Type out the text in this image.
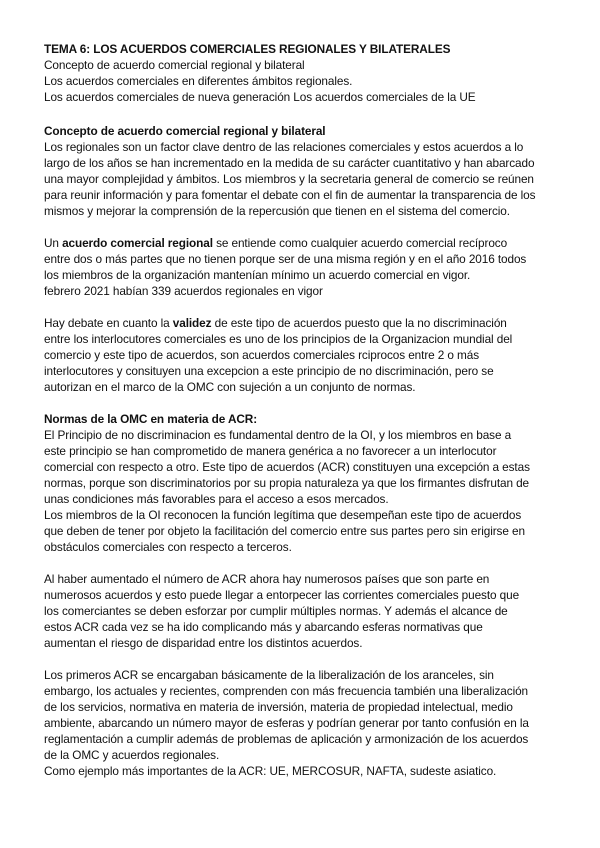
TEMA 6: LOS ACUERDOS COMERCIALES REGIONALES Y BILATERALES
Concepto de acuerdo comercial regional y bilateral
Los acuerdos comerciales en diferentes ámbitos regionales.
Los acuerdos comerciales de nueva generación Los acuerdos comerciales de la UE
Concepto de acuerdo comercial regional y bilateral
Los regionales son un factor clave dentro de las relaciones comerciales y estos acuerdos a lo
largo de los años se han incrementado en la medida de su carácter cuantitativo y han abarcado
una mayor complejidad y ámbitos. Los miembros y la secretaria general de comercio se reúnen
para reunir información y para fomentar el debate con el fin de aumentar la transparencia de los
mismos y mejorar la comprensión de la repercusión que tienen en el sistema del comercio.
Un acuerdo comercial regional se entiende como cualquier acuerdo comercial recíproco
entre dos o más partes que no tienen porque ser de una misma región y en el año 2016 todos
los miembros de la organización mantenían mínimo un acuerdo comercial en vigor.
febrero 2021 habían 339 acuerdos regionales en vigor
Hay debate en cuanto la validez de este tipo de acuerdos puesto que la no discriminación
entre los interlocutores comerciales es uno de los principios de la Organizacion mundial del
comercio y este tipo de acuerdos, son acuerdos comerciales rciprocos entre 2 o más
interlocutores y consituyen una excepcion a este principio de no discriminación, pero se
autorizan en el marco de la OMC con sujeción a un conjunto de normas.
Normas de la OMC en materia de ACR:
El Principio de no discriminacion es fundamental dentro de la OI, y los miembros en base a
este principio se han comprometido de manera genérica a no favorecer a un interlocutor
comercial con respecto a otro. Este tipo de acuerdos (ACR) constituyen una excepción a estas
normas, porque son discriminatorios por su propia naturaleza ya que los firmantes disfrutan de
unas condiciones más favorables para el acceso a esos mercados.
Los miembros de la OI reconocen la función legítima que desempeñan este tipo de acuerdos
que deben de tener por objeto la facilitación del comercio entre sus partes pero sin erigirse en
obstáculos comerciales con respecto a terceros.
Al haber aumentado el número de ACR ahora hay numerosos países que son parte en
numerosos acuerdos y esto puede llegar a entorpecer las corrientes comerciales puesto que
los comerciantes se deben esforzar por cumplir múltiples normas. Y además el alcance de
estos ACR cada vez se ha ido complicando más y abarcando esferas normativas que
aumentan el riesgo de disparidad entre los distintos acuerdos.
Los primeros ACR se encargaban básicamente de la liberalización de los aranceles, sin
embargo, los actuales y recientes, comprenden con más frecuencia también una liberalización
de los servicios, normativa en materia de inversión, materia de propiedad intelectual, medio
ambiente, abarcando un número mayor de esferas y podrían generar por tanto confusión en la
reglamentación a cumplir además de problemas de aplicación y armonización de los acuerdos
de la OMC y acuerdos regionales.
Como ejemplo más importantes de la ACR: UE, MERCOSUR, NAFTA, sudeste asiatico.
